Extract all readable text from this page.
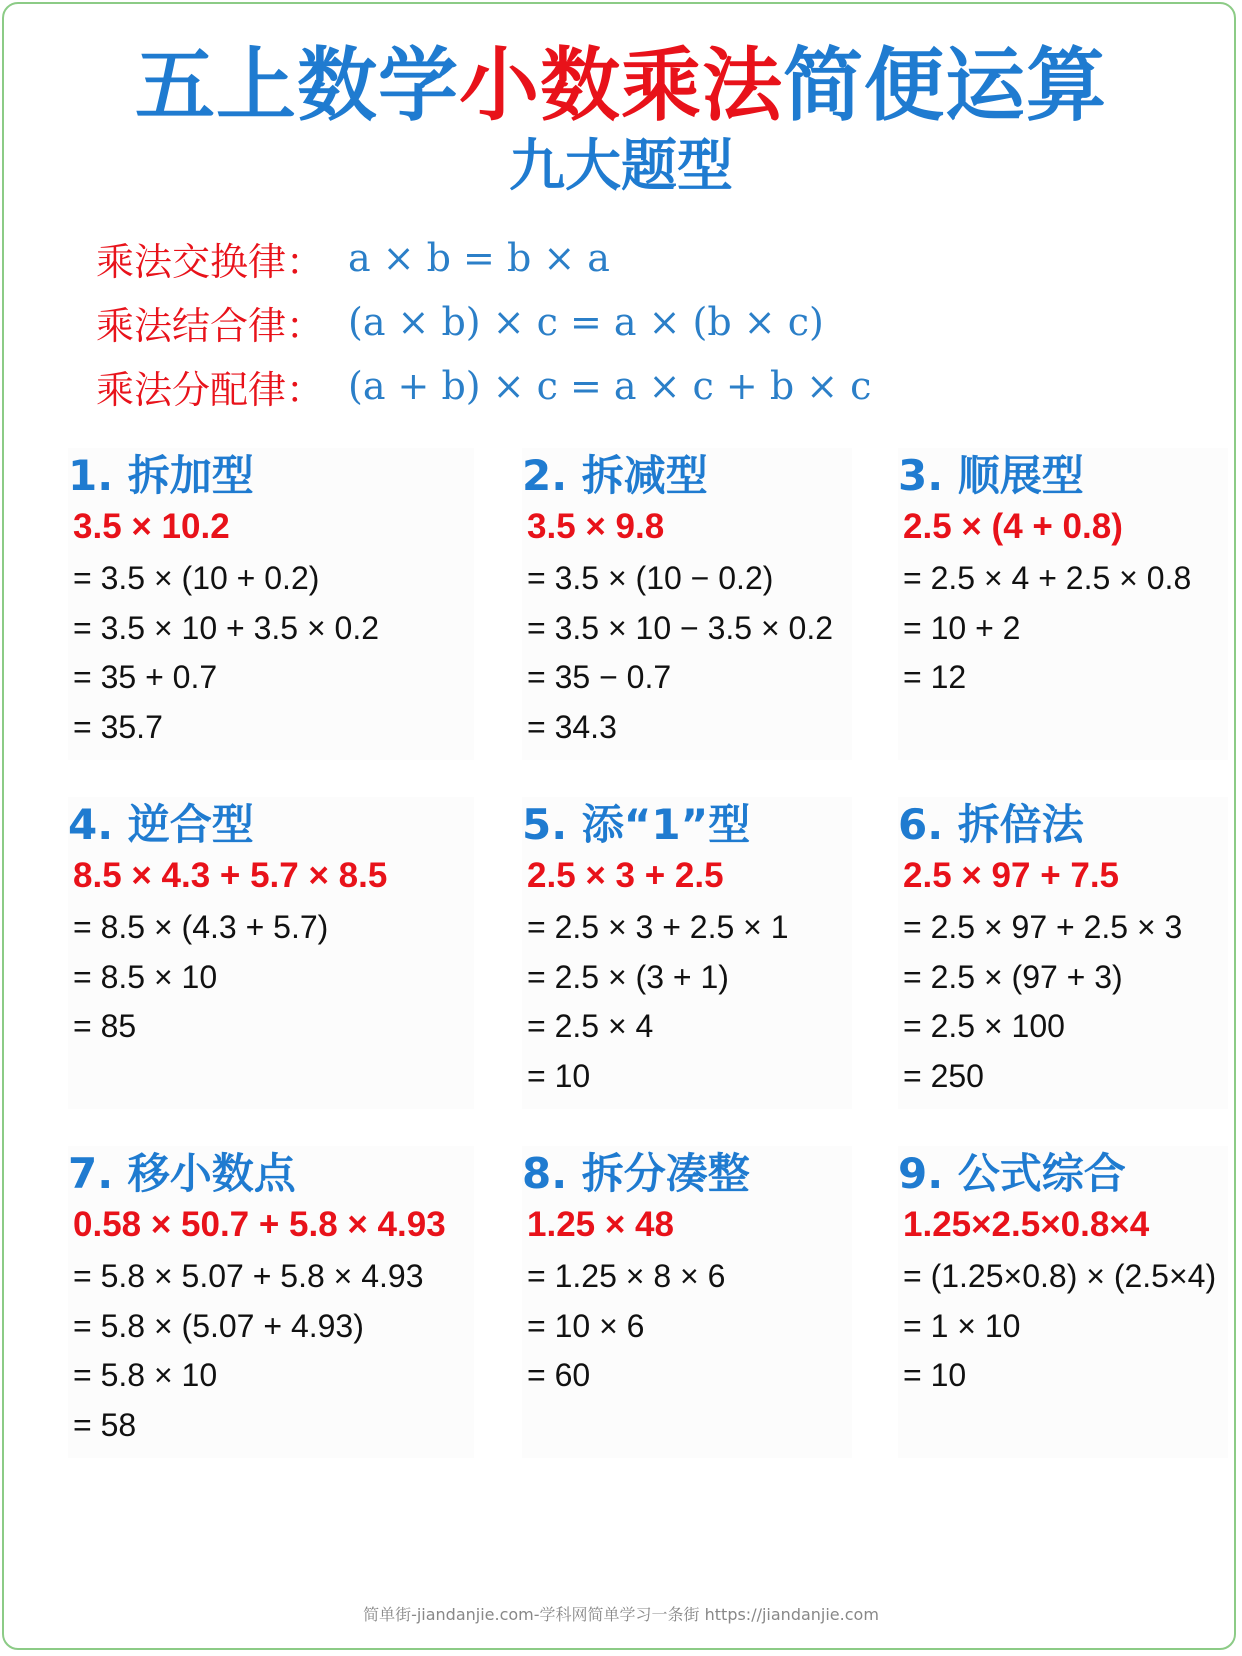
五上数学小数乘法简便运算
九大题型
乘法交换律： a × b = b × a
乘法结合律： (a × b) × c = a × (b × c)
乘法分配律： (a + b) × c = a × c + b × c
1. 拆加型
3.5 × 10.2
= 3.5 × (10 + 0.2)
= 3.5 × 10 + 3.5 × 0.2
= 35 + 0.7
= 35.7
2. 拆减型
3.5 × 9.8
= 3.5 × (10 − 0.2)
= 3.5 × 10 − 3.5 × 0.2
= 35 − 0.7
= 34.3
3. 顺展型
2.5 × (4 + 0.8)
= 2.5 × 4 + 2.5 × 0.8
= 10 + 2
= 12
4. 逆合型
8.5 × 4.3 + 5.7 × 8.5
= 8.5 × (4.3 + 5.7)
= 8.5 × 10
= 85
5. 添“1”型
2.5 × 3 + 2.5
= 2.5 × 3 + 2.5 × 1
= 2.5 × (3 + 1)
= 2.5 × 4
= 10
6. 拆倍法
2.5 × 97 + 7.5
= 2.5 × 97 + 2.5 × 3
= 2.5 × (97 + 3)
= 2.5 × 100
= 250
7. 移小数点
0.58 × 50.7 + 5.8 × 4.93
= 5.8 × 5.07 + 5.8 × 4.93
= 5.8 × (5.07 + 4.93)
= 5.8 × 10
= 58
8. 拆分凑整
1.25 × 48
= 1.25 × 8 × 6
= 10 × 6
= 60
9. 公式综合
1.25×2.5×0.8×4
= (1.25×0.8) × (2.5×4)
= 1 × 10
= 10
简单街-jiandanjie.com-学科网简单学习一条街 https://jiandanjie.com
